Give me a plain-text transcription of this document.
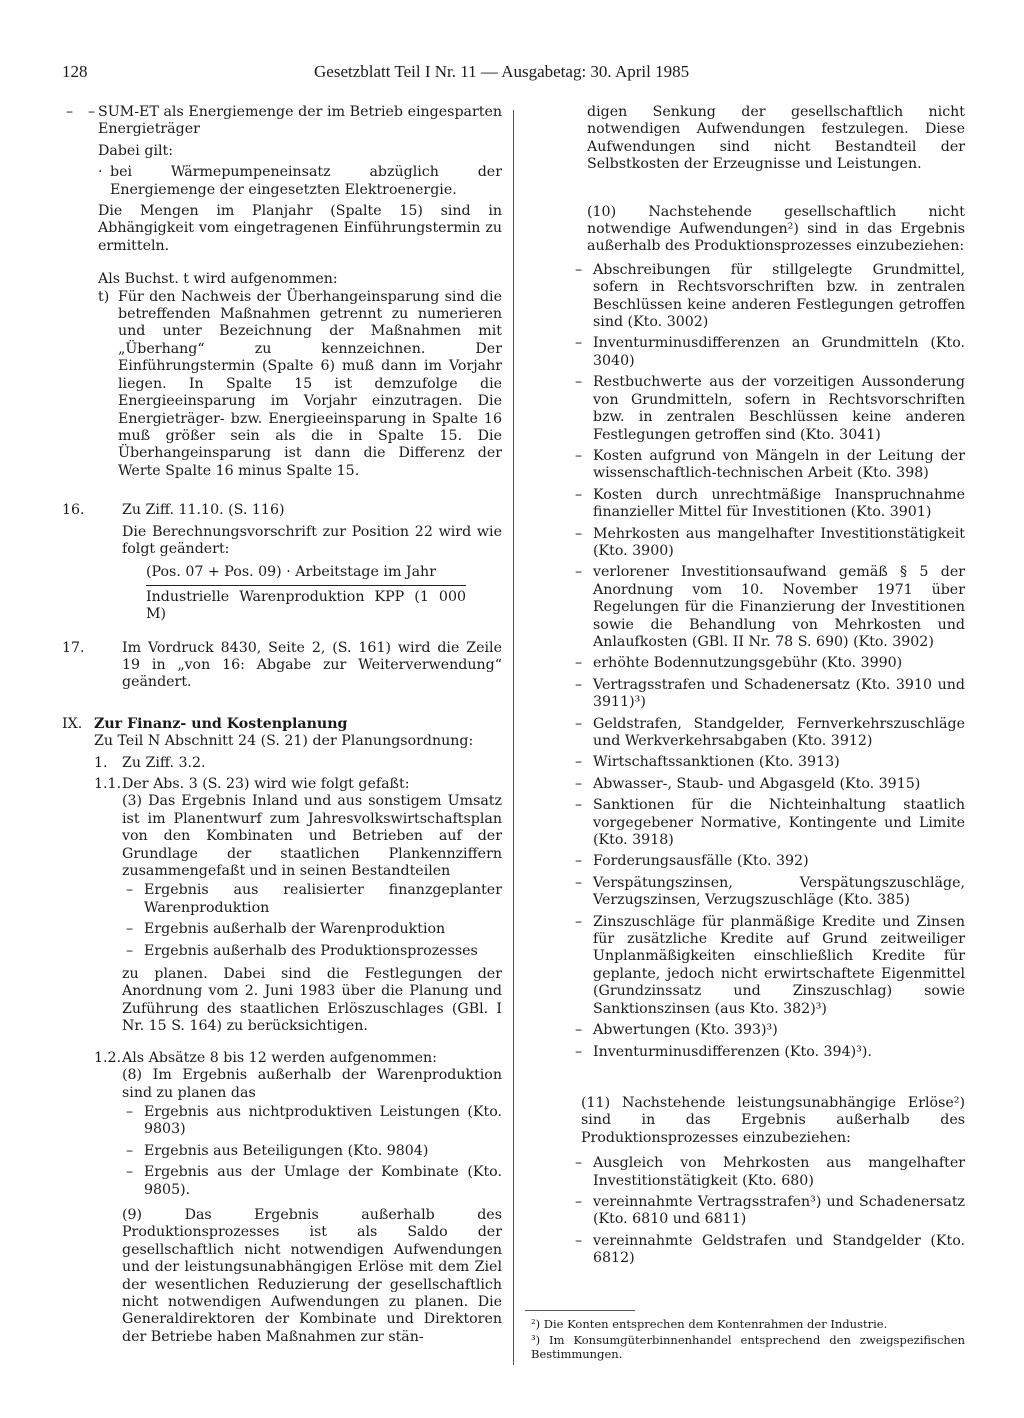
128	Gesetzblatt Teil I Nr. 11 — Ausgabetag: 30. April 1985
– – SUM-ET als Energiemenge der im Betrieb eingesparten Energieträger

Dabei gilt:

· bei Wärmepumpeneinsatz abzüglich der Energiemenge der eingesetzten Elektroenergie.

Die Mengen im Planjahr (Spalte 15) sind in Abhängigkeit vom eingetragenen Einführungstermin zu ermitteln.

Als Buchst. t wird aufgenommen:

t) Für den Nachweis der Überhangeinsparung sind die betreffenden Maßnahmen getrennt zu numerieren und unter Bezeichnung der Maßnahmen mit „Überhang“ zu kennzeichnen. Der Einführungstermin (Spalte 6) muß dann im Vorjahr liegen. In Spalte 15 ist demzufolge die Energieeinsparung im Vorjahr einzutragen. Die Energieträger- bzw. Energieeinsparung in Spalte 16 muß größer sein als die in Spalte 15. Die Überhangeinsparung ist dann die Differenz der Werte Spalte 16 minus Spalte 15.

16.	Zu Ziff. 11.10. (S. 116)

Die Berechnungsvorschrift zur Position 22 wird wie folgt geändert:

(Pos. 07 + Pos. 09) · Arbeitstage im Jahr
Industrielle Warenproduktion KPP (1 000 M)
17.	Im Vordruck 8430, Seite 2, (S. 161) wird die Zeile 19 in „von 16: Abgabe zur Weiterverwendung“ geändert.

IX. Zur Finanz- und Kostenplanung

Zu Teil N Abschnitt 24 (S. 21) der Planungsordnung:

1. Zu Ziff. 3.2.

1.1. Der Abs. 3 (S. 23) wird wie folgt gefaßt:

(3) Das Ergebnis Inland und aus sonstigem Umsatz ist im Planentwurf zum Jahresvolkswirtschaftsplan von den Kombinaten und Betrieben auf der Grundlage der staatlichen Plankennziffern zusammengefaßt und in seinen Bestandteilen

– Ergebnis aus realisierter finanzgeplanter Warenproduktion
– Ergebnis außerhalb der Warenproduktion
– Ergebnis außerhalb des Produktionsprozesses

zu planen. Dabei sind die Festlegungen der Anordnung vom 2. Juni 1983 über die Planung und Zuführung des staatlichen Erlöszuschlages (GBl. I Nr. 15 S. 164) zu berücksichtigen.

1.2. Als Absätze 8 bis 12 werden aufgenommen:

(8) Im Ergebnis außerhalb der Warenproduktion sind zu planen das

– Ergebnis aus nichtproduktiven Leistungen (Kto. 9803)
– Ergebnis aus Beteiligungen (Kto. 9804)
– Ergebnis aus der Umlage der Kombinate (Kto. 9805).

(9) Das Ergebnis außerhalb des Produktionsprozesses ist als Saldo der gesellschaftlich nicht notwendigen Aufwendungen und der leistungsunabhängigen Erlöse mit dem Ziel der wesentlichen Reduzierung der gesellschaftlich nicht notwendigen Aufwendungen zu planen. Die Generaldirektoren der Kombinate und Direktoren der Betriebe haben Maßnahmen zur stän-

digen Senkung der gesellschaftlich nicht notwendigen Aufwendungen festzulegen. Diese Aufwendungen sind nicht Bestandteil der Selbstkosten der Erzeugnisse und Leistungen.

(10) Nachstehende gesellschaftlich nicht notwendige Aufwendungen²) sind in das Ergebnis außerhalb des Produktionsprozesses einzubeziehen:

– Abschreibungen für stillgelegte Grundmittel, sofern in Rechtsvorschriften bzw. in zentralen Beschlüssen keine anderen Festlegungen getroffen sind (Kto. 3002)
– Inventurminusdifferenzen an Grundmitteln (Kto. 3040)
– Restbuchwerte aus der vorzeitigen Aussonderung von Grundmitteln, sofern in Rechtsvorschriften bzw. in zentralen Beschlüssen keine anderen Festlegungen getroffen sind (Kto. 3041)
– Kosten aufgrund von Mängeln in der Leitung der wissenschaftlich-technischen Arbeit (Kto. 398)
– Kosten durch unrechtmäßige Inanspruchnahme finanzieller Mittel für Investitionen (Kto. 3901)
– Mehrkosten aus mangelhafter Investitionstätigkeit (Kto. 3900)
– verlorener Investitionsaufwand gemäß § 5 der Anordnung vom 10. November 1971 über Regelungen für die Finanzierung der Investitionen sowie die Behandlung von Mehrkosten und Anlaufkosten (GBl. II Nr. 78 S. 690) (Kto. 3902)
– erhöhte Bodennutzungsgebühr (Kto. 3990)
– Vertragsstrafen und Schadenersatz (Kto. 3910 und 3911)³)
– Geldstrafen, Standgelder, Fernverkehrszuschläge und Werkverkehrsabgaben (Kto. 3912)
– Wirtschaftssanktionen (Kto. 3913)
– Abwasser-, Staub- und Abgasgeld (Kto. 3915)
– Sanktionen für die Nichteinhaltung staatlich vorgegebener Normative, Kontingente und Limite (Kto. 3918)
– Forderungsausfälle (Kto. 392)
– Verspätungszinsen, Verspätungszuschläge, Verzugszinsen, Verzugszuschläge (Kto. 385)
– Zinszuschläge für planmäßige Kredite und Zinsen für zusätzliche Kredite auf Grund zeitweiliger Unplanmäßigkeiten einschließlich Kredite für geplante, jedoch nicht erwirtschaftete Eigenmittel (Grundzinssatz und Zinszuschlag) sowie Sanktionszinsen (aus Kto. 382)³)
– Abwertungen (Kto. 393)³)
– Inventurminusdifferenzen (Kto. 394)³).

(11) Nachstehende leistungsunabhängige Erlöse²) sind in das Ergebnis außerhalb des Produktionsprozesses einzubeziehen:

– Ausgleich von Mehrkosten aus mangelhafter Investitionstätigkeit (Kto. 680)
– vereinnahmte Vertragsstrafen³) und Schadenersatz (Kto. 6810 und 6811)
– vereinnahmte Geldstrafen und Standgelder (Kto. 6812)

²) Die Konten entsprechen dem Kontenrahmen der Industrie.

³) Im Konsumgüterbinnenhandel entsprechend den zweigspezifischen Bestimmungen.
